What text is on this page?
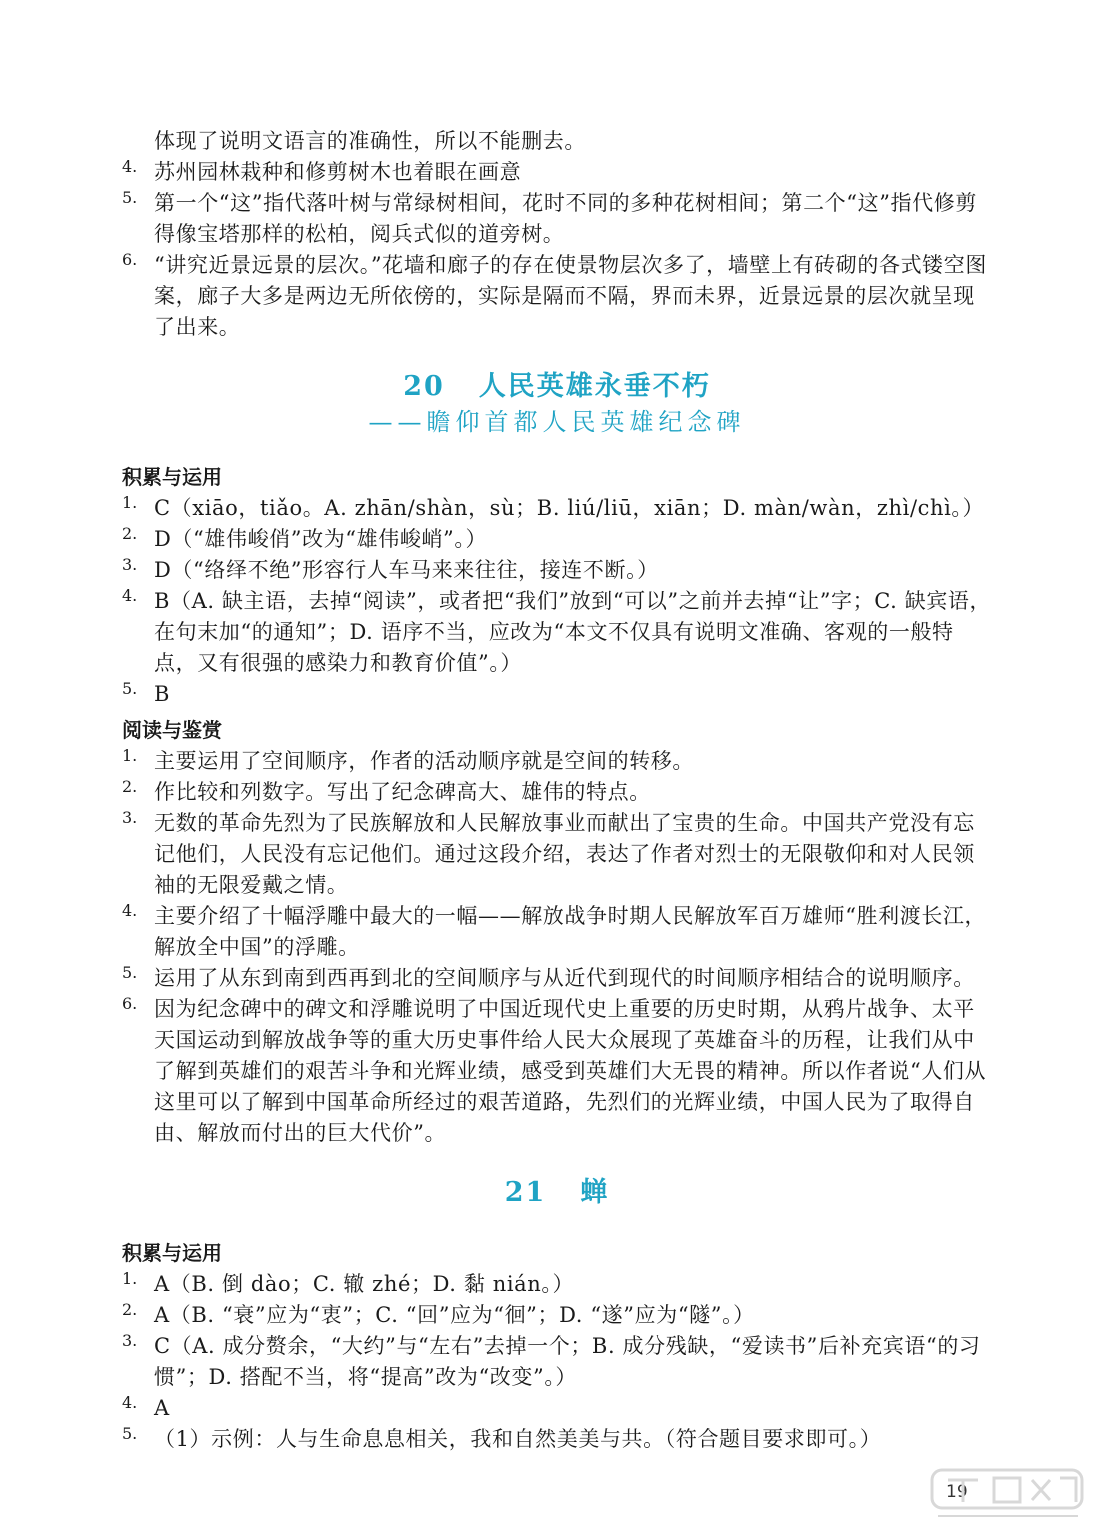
体现了说明文语言的准确性，所以不能删去。
4. 苏州园林栽种和修剪树木也着眼在画意
5. 第一个“这”指代落叶树与常绿树相间，花时不同的多种花树相间；第二个“这”指代修剪得像宝塔那样的松柏，阅兵式似的道旁树。
6. “讲究近景远景的层次。”花墙和廊子的存在使景物层次多了，墙壁上有砖砌的各式镂空图案，廊子大多是两边无所依傍的，实际是隔而不隔，界而未界，近景远景的层次就呈现了出来。
20 人民英雄永垂不朽
——瞻仰首都人民英雄纪念碑
积累与运用
1. C（xiāo，tiǎo。A. zhān/shàn，sù；B. liú/liū，xiān；D. màn/wàn，zhì/chì。）
2. D（“雄伟峻俏”改为“雄伟峻峭”。）
3. D（“络绎不绝”形容行人车马来来往往，接连不断。）
4. B（A. 缺主语，去掉“阅读”，或者把“我们”放到“可以”之前并去掉“让”字；C. 缺宾语，在句末加“的通知”；D. 语序不当，应改为“本文不仅具有说明文准确、客观的一般特点，又有很强的感染力和教育价值”。）
5. B
阅读与鉴赏
1. 主要运用了空间顺序，作者的活动顺序就是空间的转移。
2. 作比较和列数字。写出了纪念碑高大、雄伟的特点。
3. 无数的革命先烈为了民族解放和人民解放事业而献出了宝贵的生命。中国共产党没有忘记他们，人民没有忘记他们。通过这段介绍，表达了作者对烈士的无限敬仰和对人民领袖的无限爱戴之情。
4. 主要介绍了十幅浮雕中最大的一幅——解放战争时期人民解放军百万雄师“胜利渡长江，解放全中国”的浮雕。
5. 运用了从东到南到西再到北的空间顺序与从近代到现代的时间顺序相结合的说明顺序。
6. 因为纪念碑中的碑文和浮雕说明了中国近现代史上重要的历史时期，从鸦片战争、太平天国运动到解放战争等的重大历史事件给人民大众展现了英雄奋斗的历程，让我们从中了解到英雄们的艰苦斗争和光辉业绩，感受到英雄们大无畏的精神。所以作者说“人们从这里可以了解到中国革命所经过的艰苦道路，先烈们的光辉业绩，中国人民为了取得自由、解放而付出的巨大代价”。
21 蝉
积累与运用
1. A（B. 倒 dào；C. 辙 zhé；D. 黏 nián。）
2. A（B. “衰”应为“衷”；C. “回”应为“徊”；D. “遂”应为“隧”。）
3. C（A. 成分赘余，“大约”与“左右”去掉一个；B. 成分残缺，“爱读书”后补充宾语“的习惯”；D. 搭配不当，将“提高”改为“改变”。）
4. A
5. （1）示例：人与生命息息相关，我和自然美美与共。（符合题目要求即可。）
19
